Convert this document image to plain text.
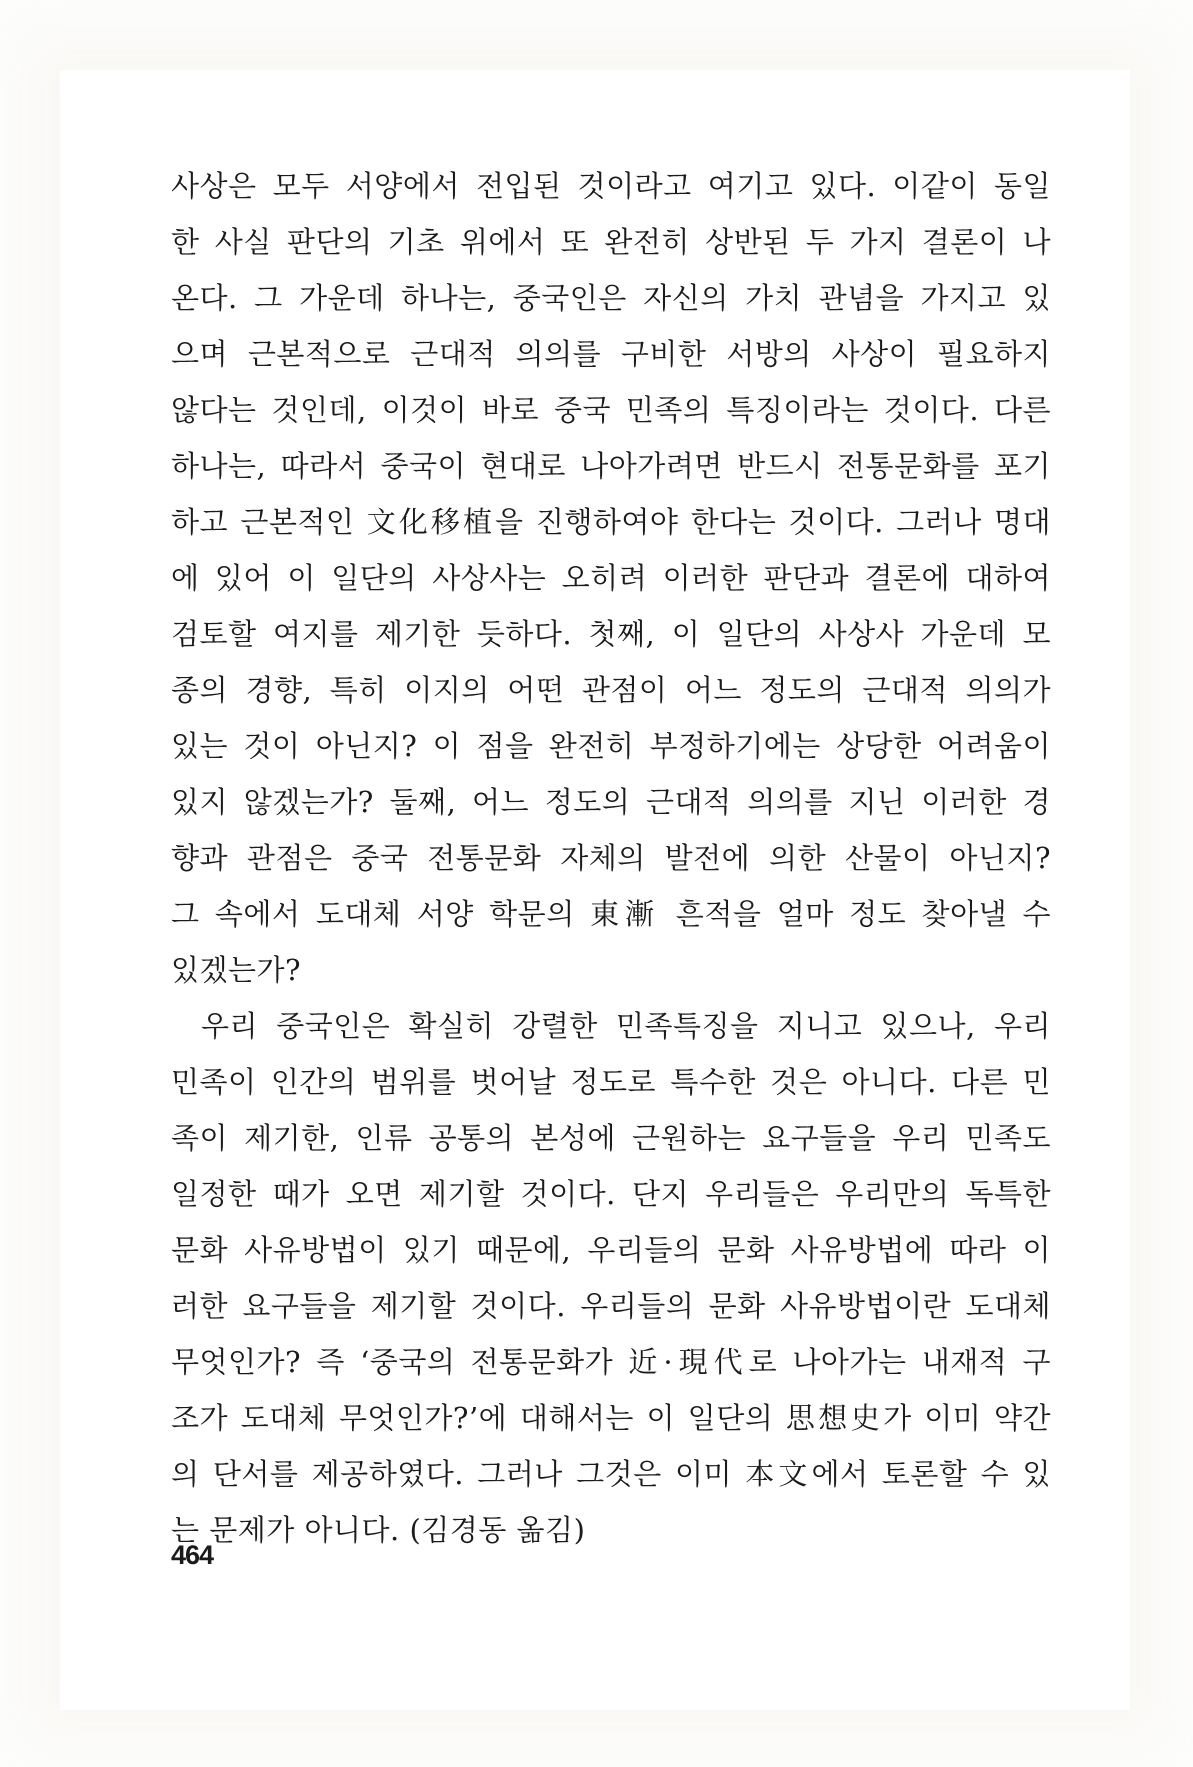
사상은 모두 서양에서 전입된 것이라고 여기고 있다. 이같이 동일
한 사실 판단의 기초 위에서 또 완전히 상반된 두 가지 결론이 나
온다. 그 가운데 하나는, 중국인은 자신의 가치 관념을 가지고 있
으며 근본적으로 근대적 의의를 구비한 서방의 사상이 필요하지
않다는 것인데, 이것이 바로 중국 민족의 특징이라는 것이다. 다른
하나는, 따라서 중국이 현대로 나아가려면 반드시 전통문화를 포기
하고 근본적인 文化移植을 진행하여야 한다는 것이다. 그러나 명대
에 있어 이 일단의 사상사는 오히려 이러한 판단과 결론에 대하여
검토할 여지를 제기한 듯하다. 첫째, 이 일단의 사상사 가운데 모
종의 경향, 특히 이지의 어떤 관점이 어느 정도의 근대적 의의가
있는 것이 아닌지? 이 점을 완전히 부정하기에는 상당한 어려움이
있지 않겠는가? 둘째, 어느 정도의 근대적 의의를 지닌 이러한 경
향과 관점은 중국 전통문화 자체의 발전에 의한 산물이 아닌지?
그 속에서 도대체 서양 학문의 東漸 흔적을 얼마 정도 찾아낼 수
있겠는가?
우리 중국인은 확실히 강렬한 민족특징을 지니고 있으나, 우리
민족이 인간의 범위를 벗어날 정도로 특수한 것은 아니다. 다른 민
족이 제기한, 인류 공통의 본성에 근원하는 요구들을 우리 민족도
일정한 때가 오면 제기할 것이다. 단지 우리들은 우리만의 독특한
문화 사유방법이 있기 때문에, 우리들의 문화 사유방법에 따라 이
러한 요구들을 제기할 것이다. 우리들의 문화 사유방법이란 도대체
무엇인가? 즉 ‘중국의 전통문화가 近·現代로 나아가는 내재적 구
조가 도대체 무엇인가?’에 대해서는 이 일단의 思想史가 이미 약간
의 단서를 제공하였다. 그러나 그것은 이미 本文에서 토론할 수 있
는 문제가 아니다. (김경동 옮김)
464
